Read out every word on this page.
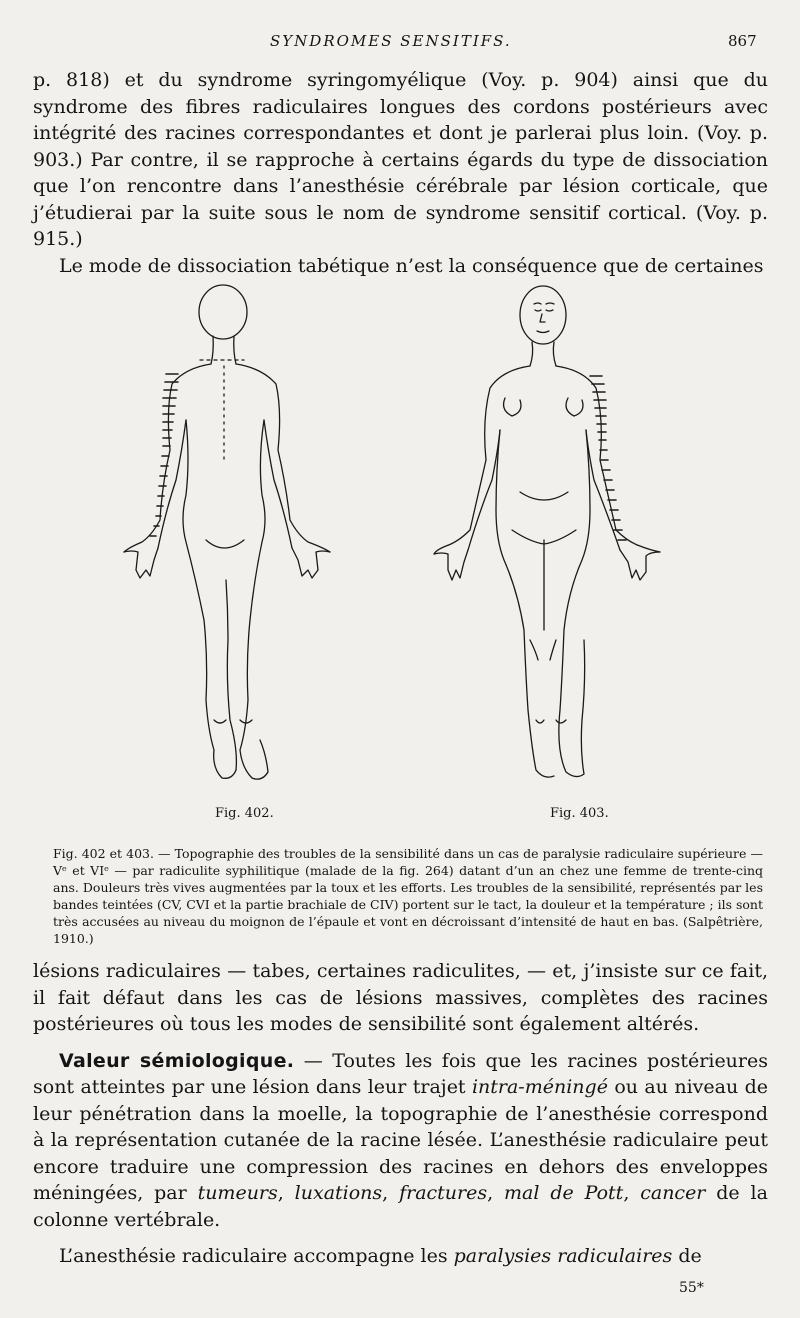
SYNDROMES SENSITIFS.	867

p. 818) et du syndrome syringomyélique (Voy. p. 904) ainsi que du syndrome des fibres radiculaires longues des cordons postérieurs avec intégrité des racines correspondantes et dont je parlerai plus loin. (Voy. p. 903.) Par contre, il se rapproche à certains égards du type de dissociation que l’on rencontre dans l’anesthésie cérébrale par lésion corticale, que j’étudierai par la suite sous le nom de syndrome sensitif cortical. (Voy. p. 915.)

Le mode de dissociation tabétique n’est la conséquence que de certaines

Fig. 402.	Fig. 403.

Fig. 402 et 403. — Topographie des troubles de la sensibilité dans un cas de paralysie radiculaire supérieure — Vᵉ et VIᵉ — par radiculite syphilitique (malade de la fig. 264) datant d’un an chez une femme de trente-cinq ans. Douleurs très vives augmentées par la toux et les efforts. Les troubles de la sensibilité, représentés par les bandes teintées (CV, CVI et la partie brachiale de CIV) portent sur le tact, la douleur et la température ; ils sont très accusées au niveau du moignon de l’épaule et vont en décroissant d’intensité de haut en bas. (Salpêtrière, 1910.)

lésions radiculaires — tabes, certaines radiculites, — et, j’insiste sur ce fait, il fait défaut dans les cas de lésions massives, complètes des racines postérieures où tous les modes de sensibilité sont également altérés.

Valeur sémiologique. — Toutes les fois que les racines postérieures sont atteintes par une lésion dans leur trajet intra-méningé ou au niveau de leur pénétration dans la moelle, la topographie de l’anesthésie correspond à la représentation cutanée de la racine lésée. L’anesthésie radiculaire peut encore traduire une compression des racines en dehors des enveloppes méningées, par tumeurs, luxations, fractures, mal de Pott, cancer de la colonne vertébrale.

L’anesthésie radiculaire accompagne les paralysies radiculaires de

55*
